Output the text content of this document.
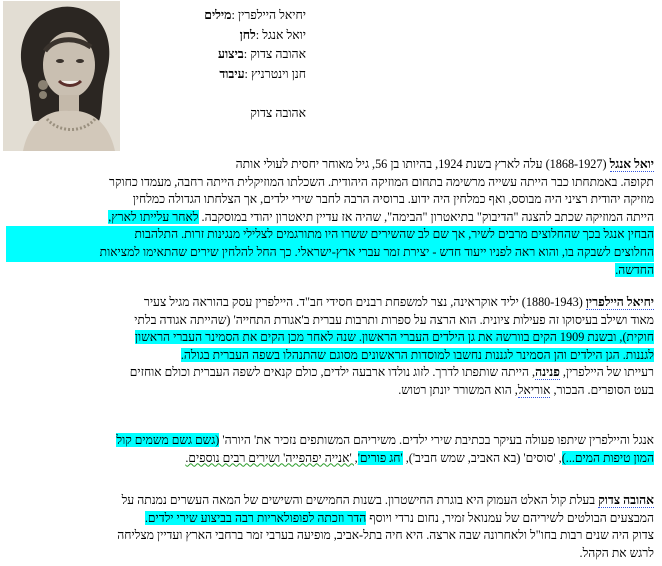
יחיאל היילפרין :מילים
יואל אנגל :לחן
אהובה צדוק :ביצוע
חנן וינטרניץ :עיבוד
אהובה צדוק
יואל אנגל (1868-1927) עלה לארץ בשנת 1924, בהיותו בן 56, גיל מאוחר יחסית לעולי אותה
תקופה. באמתחתו כבר הייתה עשייה מרשימה בתחום המוזיקה היהודית. השכלתו המוזיקלית הייתה רחבה, מעמדו כחוקר
מוזיקה יהודית רציני היה מבוסס, ואף כמלחין היה ידוע. ברוסיה הרבה לחבר שירי ילדים, אך הצלחתו הגדולה כמלחין
הייתה המוזיקה שכתב להצגה "הדיבוק" בתיאטרון "הבימה", שהיה אז עדיין תיאטרון יהודי במוסקבה. לאחר עלייתו לארץ,
הבחין אנגל בכך שהחלוצים מרבים לשיר, אך שם לב שהשירים ששרו היו מתורגמים לצלילי מנגינות זרות. התלהבות
החלוצים לשבקה בו, והוא ראה לפניו ייעוד חדש - יצירת זמר עברי ארץ-ישראלי. כך החל להלחין שירים שהתאימו למציאות
החדשה.
יחיאל היילפרין (1880-1943) יליד אוקראינה, נצר למשפחת רבנים חסידי חב"ד. היילפרין עסק בהוראה מגיל צעיר
מאוד ושילב בעיסוקו זה פעילות ציונית. הוא הרצה על ספרות ותרבות עברית ב'אגודת התחייה' (שהייתה אגודה בלתי
חוקית), ובשנת 1909 הקים בוורשה את גן הילדים העברי הראשון. שנה לאחר מכן הקים את הסמינר העברי הראשון
לגננות. הגן הילדים והן הסמינר לגננות נחשבו למוסדות הראשונים מסוגם שהתנהלו בשפה העברית בגולה.
רעייתו של היילפרין, פנינה, הייתה שותפתו לדרך. לזוג נולדו ארבעה ילדים, כולם קנאים לשפה העברית וכולם אוחזים
בעט הסופרים. הבכור, אוריאל, הוא המשורר יונתן רטוש.
אנגל והיילפרין שיתפו פעולה בעיקר בכתיבת שירי ילדים. משיריהם המשותפים נזכיר את' היורה' (גשם גשם משמים קול
המון טיפות המים...), 'סוסים' (בא האביב, שמש חביב'), 'חג פורים', 'אנייה יפהפייה' ושירים רבים נוספים.
אהובה צדוק בעלת קול האלט העמוק היא בוגרת החישטרון. בשנות החמישים והשישים של המאה העשרים נמנתה על
המבצעים הבולטים לשיריהם של עמנואל זמיר, נחום נרדי ויוסף הדר וזכתה לפופולאריות רבה בביצוע שירי ילדים.
צדוק היה שנים רבות בחו"ל ולאחרונה שבה ארצה. היא חיה בתל-אביב, מופיעה בערבי זמר ברחבי הארץ ועדיין מצליחה
לרגש את הקהל.
